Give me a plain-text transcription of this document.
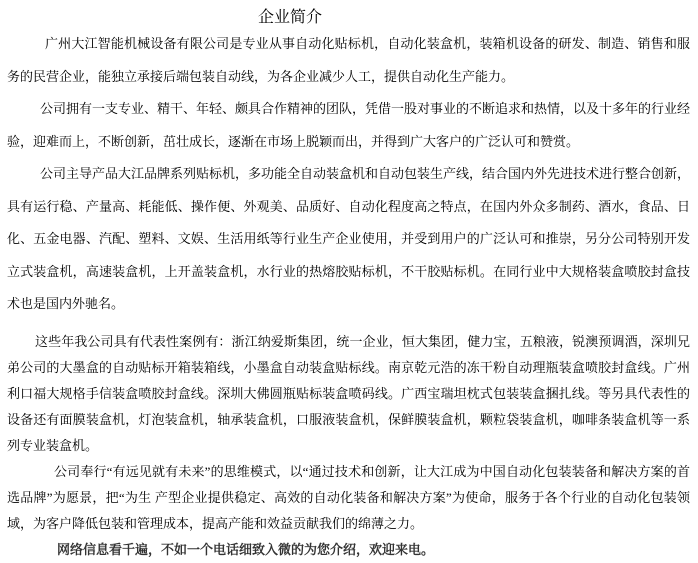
企业简介

广州大江智能机械设备有限公司是专业从事自动化贴标机，自动化装盒机，装箱机设备的研发、制造、销售和服务的民营企业，能独立承接后端包装自动线，为各企业减少人工，提供自动化生产能力。

公司拥有一支专业、精干、年轻、颇具合作精神的团队，凭借一股对事业的不断追求和热情，以及十多年的行业经验，迎难而上，不断创新，茁壮成长，逐渐在市场上脱颖而出，并得到广大客户的广泛认可和赞赏。

公司主导产品大江品牌系列贴标机，多功能全自动装盒机和自动包装生产线，结合国内外先进技术进行整合创新，具有运行稳、产量高、耗能低、操作便、外观美、品质好、自动化程度高之特点，在国内外众多制药、酒水，食品、日化、五金电器、汽配、塑料、文娱、生活用纸等行业生产企业使用，并受到用户的广泛认可和推崇，另分公司特别开发立式装盒机，高速装盒机，上开盖装盒机，水行业的热熔胶贴标机，不干胶贴标机。在同行业中大规格装盒喷胶封盒技术也是国内外驰名。

这些年我公司具有代表性案例有：浙江纳爱斯集团，统一企业，恒大集团，健力宝，五粮液，锐澳预调酒，深圳兄弟公司的大墨盒的自动贴标开箱装箱线，小墨盒自动装盒贴标线。南京乾元浩的冻干粉自动理瓶装盒喷胶封盒线。广州利口福大规格手信装盒喷胶封盒线。深圳大佛圆瓶贴标装盒喷码线。广西宝瑞坦枕式包装装盒捆扎线。等另具代表性的设备还有面膜装盒机，灯泡装盒机，轴承装盒机，口服液装盒机，保鲜膜装盒机，颗粒袋装盒机，咖啡条装盒机等一系列专业装盒机。

公司奉行“有远见就有未来”的思维模式，以“通过技术和创新，让大江成为中国自动化包装装备和解决方案的首选品牌”为愿景，把“为生 产型企业提供稳定、高效的自动化装备和解决方案”为使命，服务于各个行业的自动化包装领域，为客户降低包装和管理成本，提高产能和效益贡献我们的绵薄之力。

网络信息看千遍，不如一个电话细致入微的为您介绍，欢迎来电。
